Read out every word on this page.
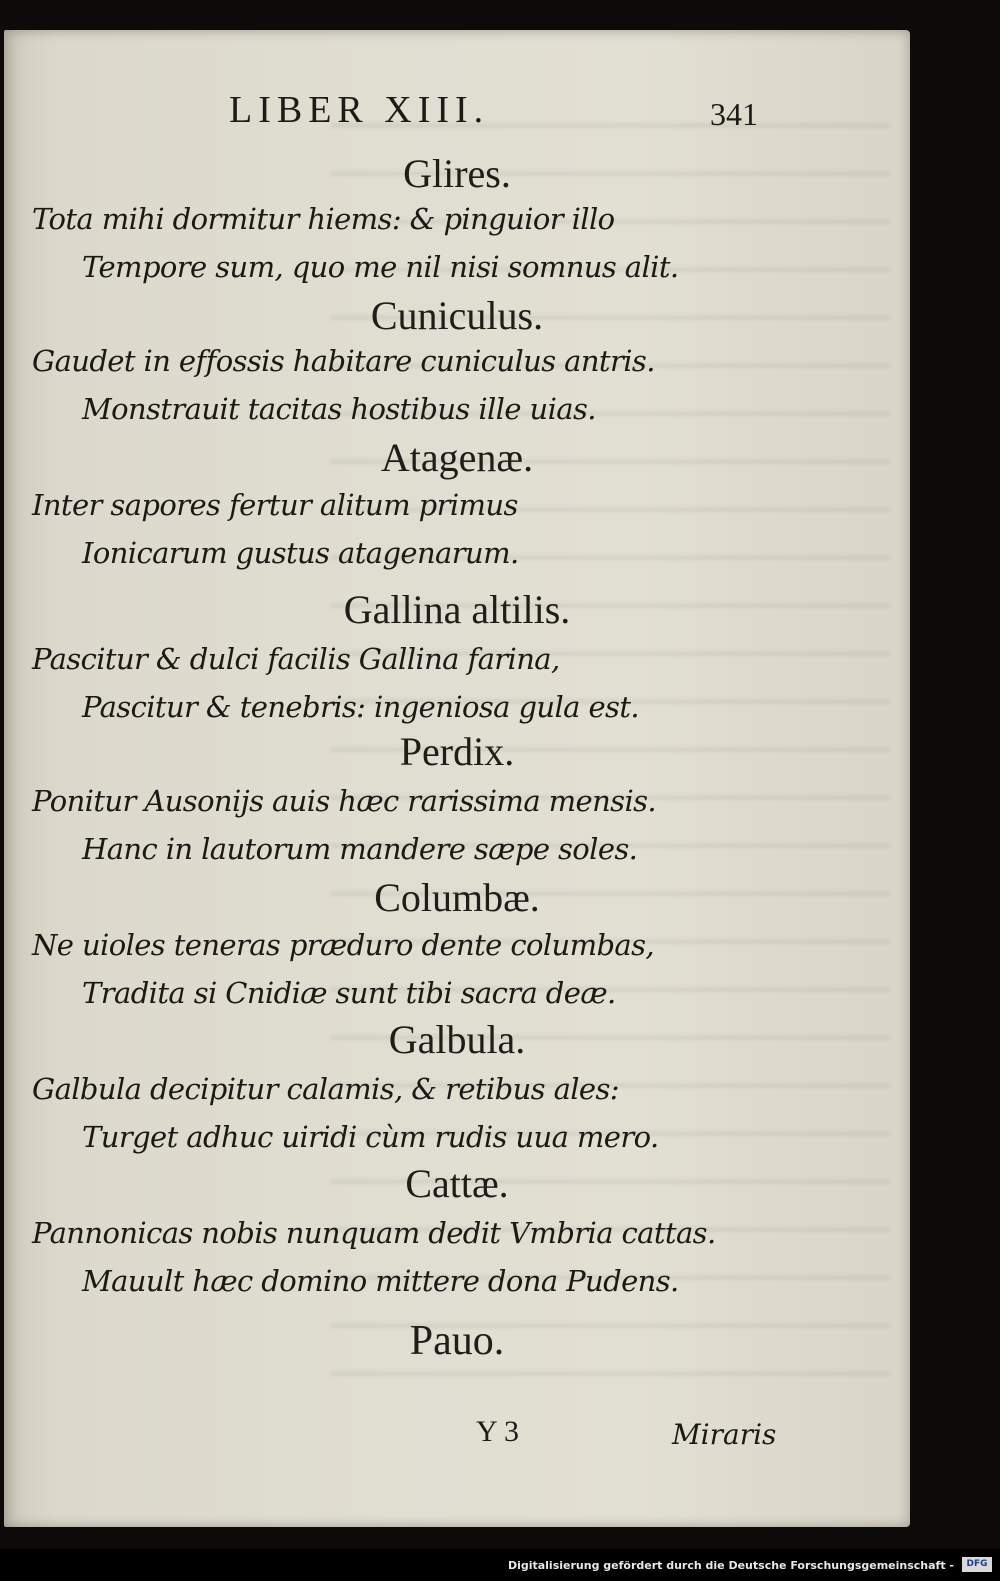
LIBER XIII.	341
Glires.
Tota mihi dormitur hiems: & pinguior illo
Tempore sum, quo me nil nisi somnus alit.
Cuniculus.
Gaudet in effossis habitare cuniculus antris.
Monstrauit tacitas hostibus ille uias.
Atagenæ.
Inter sapores fertur alitum primus
Ionicarum gustus atagenarum.
Gallina altilis.
Pascitur & dulci facilis Gallina farina,
Pascitur & tenebris: ingeniosa gula est.
Perdix.
Ponitur Ausonijs auis hæc rarissima mensis.
Hanc in lautorum mandere sæpe soles.
Columbæ.
Ne uioles teneras præduro dente columbas,
Tradita si Cnidiæ sunt tibi sacra deæ.
Galbula.
Galbula decipitur calamis, & retibus ales:
Turget adhuc uiridi cùm rudis uua mero.
Cattæ.
Pannonicas nobis nunquam dedit Vmbria cattas.
Mauult hæc domino mittere dona Pudens.
Pauo.
Y 3	Miraris
Digitalisierung gefördert durch die Deutsche Forschungsgemeinschaft -	DFG
